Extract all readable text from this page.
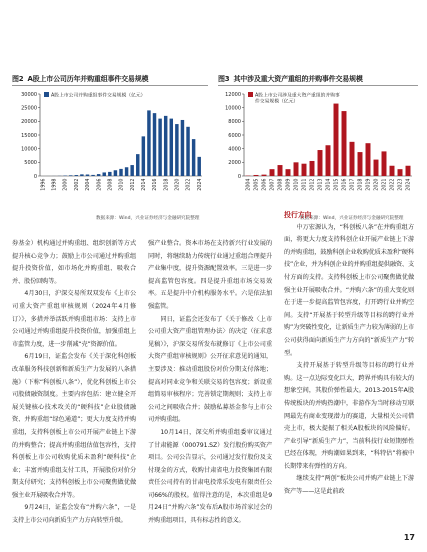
图2 A股上市公司历年并购重组事件交易规模
30000
25000
20000
15000
10000
5000
0
1996 1998 2000 2002 2004 2006 2008 2010 2012 2014 2016 2018 2020 2022 2024
A股上市公司并购重组事件交易规模（亿元）
数据来源：Wind，兴业证券经济与金融研究院整理
图3 其中涉及重大资产重组的并购事件交易规模
12000
10000
8000
6000
4000
2000
0
2004 2005 2006 2007 2008 2009 2010 2011 2012 2013 2014 2015 2016 2017 2018 2019 2020 2021 2022 2023 2024
A股上市公司涉及重大资产重组的并购事件交易规模（亿元）
数据来源：Wind，兴业证券经济与金融研究院整理

券基金）机构通过并购重组、组织创新等方式提升核心竞争力；鼓励上市公司通过并购重组提升投资价值，如市场化并购重组、吸收合并、股份回购等。

4月30日，沪深交易所双双发布《上市公司重大资产重组审核规则（2024年4月修订）》，多措并举活跃并购重组市场：支持上市公司通过并购重组提升投资价值，加强重组上市监管力度，进一步削减“壳”资源价值。

6月19日，证监会发布《关于深化科创板改革服务科技创新和新质生产力发展的八条措施》（下称“科创板八条”），优化科创板上市公司股债融资制度。主要内容包括：建立健全开展关键核心技术攻关的“硬科技”企业股债融资、并购重组“绿色通道”；更大力度支持并购重组，支持科创板上市公司开展产业链上下游的并购整合；提高并购重组估值包容性，支持科创板上市公司收购优质未盈利“硬科技”企业；丰富并购重组支付工具，开展股份对价分期支付研究；支持科创板上市公司聚焦做优做强主业开展吸收合并等。

9月24日，证监会发布“并购六条”，一是支持上市公司向新质生产力方向转型升级。

强产业整合。资本市场在支持新兴行业发展的同时，将继续助力传统行业通过重组合理提升产业集中度，提升资源配置效率。三是进一步提高监管包容度。四是提升重组市场交易效率。五是提升中介机构服务水平。六是依法加强监管。

同日，证监会还发布了《关于修改〈上市公司重大资产重组管理办法〉的决定（征求意见稿）》，沪深交易所发布就修订《上市公司重大资产重组审核规则》公开征求意见的通知，主要涉及：推动重组股份对价分期支付落地；提高对同业竞争和关联交易的包容度；新设重组简易审核程序；完善锁定期规则；支持上市公司之间吸收合并；鼓励私募基金参与上市公司并购重组。

10月14日，深交所并购重组委审议通过了甘肃能源（000791.SZ）发行股份购买资产项目。公司公告显示，公司通过发行股份及支付现金的方式，收购甘肃省电力投资集团有限责任公司持有的甘肃电投常乐发电有限责任公司66%的股权。值得注意的是，本次重组是9月24日“并购六条”发布后A股市场首家过会的并购重组项目，具有标志性的意义。

投行方向

中万宏源认为，“科创板八条”在并购重组方面，将更大力度支持科创企业开展产业链上下游的并购重组，鼓励科创企业收购优质未盈利“硬科技”企业，并为科创企业的并购重组提供融资、支付方面的支持。支持科创板上市公司聚焦做优做强主业开展吸收合并。“并购六条”的重大变化则在于进一步提高监管包容度，打开跨行业并购空间。支持“开展基于转型升级等目标的跨行业并购”为突破性变化，让新质生产力较为薄弱的上市公司获得面向新质生产力方向的“新质生产力”转型。

支持开展基于转型升级等目标的跨行业并购。这一点边际变化巨大，跨界并购具有较大的想象空间，其股价弹性最大。2013-2015年A股传统板块的并购热潮中，非游作为当时移动互联网最先有商业变现潜力的赛道，大量相关公司借壳上市，极大提振了相关A股板块的风险偏好。产业引导“新质生产力”，当前科技行业短期弹性已经在体现，并购潮如果到来，“科特估”将被中长期带来有弹性的方向。

继续支持“两创”板块公司并购产业链上下游资产等——这是此前政

17
